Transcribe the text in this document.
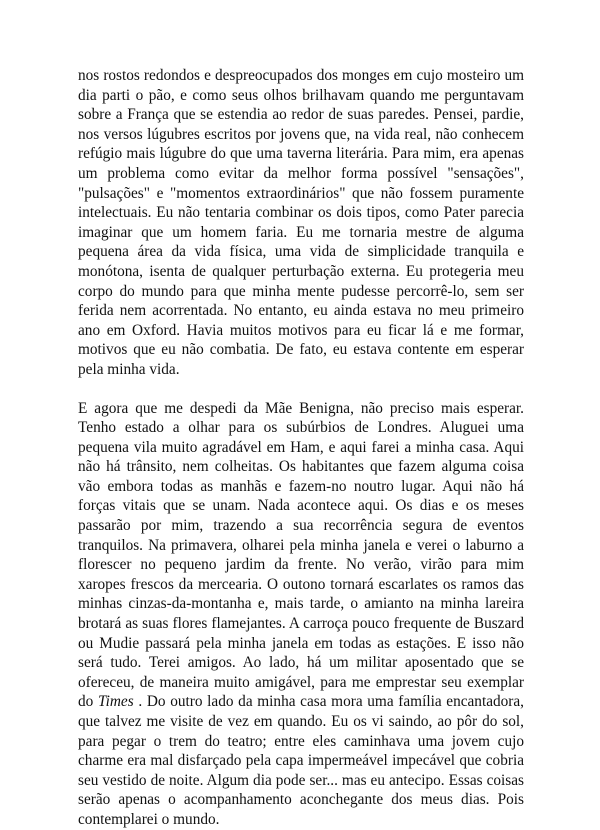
nos rostos redondos e despreocupados dos monges em cujo mosteiro um dia parti o pão, e como seus olhos brilhavam quando me perguntavam sobre a França que se estendia ao redor de suas paredes. Pensei, pardie, nos versos lúgubres escritos por jovens que, na vida real, não conhecem refúgio mais lúgubre do que uma taverna literária. Para mim, era apenas um problema como evitar da melhor forma possível "sensações", "pulsações" e "momentos extraordinários" que não fossem puramente intelectuais. Eu não tentaria combinar os dois tipos, como Pater parecia imaginar que um homem faria. Eu me tornaria mestre de alguma pequena área da vida física, uma vida de simplicidade tranquila e monótona, isenta de qualquer perturbação externa. Eu protegeria meu corpo do mundo para que minha mente pudesse percorrê-lo, sem ser ferida nem acorrentada. No entanto, eu ainda estava no meu primeiro ano em Oxford. Havia muitos motivos para eu ficar lá e me formar, motivos que eu não combatia. De fato, eu estava contente em esperar pela minha vida.

E agora que me despedi da Mãe Benigna, não preciso mais esperar. Tenho estado a olhar para os subúrbios de Londres. Aluguei uma pequena vila muito agradável em Ham, e aqui farei a minha casa. Aqui não há trânsito, nem colheitas. Os habitantes que fazem alguma coisa vão embora todas as manhãs e fazem-no noutro lugar. Aqui não há forças vitais que se unam. Nada acontece aqui. Os dias e os meses passarão por mim, trazendo a sua recorrência segura de eventos tranquilos. Na primavera, olharei pela minha janela e verei o laburno a florescer no pequeno jardim da frente. No verão, virão para mim xaropes frescos da mercearia. O outono tornará escarlates os ramos das minhas cinzas-da-montanha e, mais tarde, o amianto na minha lareira brotará as suas flores flamejantes. A carroça pouco frequente de Buszard ou Mudie passará pela minha janela em todas as estações. E isso não será tudo. Terei amigos. Ao lado, há um militar aposentado que se ofereceu, de maneira muito amigável, para me emprestar seu exemplar do Times . Do outro lado da minha casa mora uma família encantadora, que talvez me visite de vez em quando. Eu os vi saindo, ao pôr do sol, para pegar o trem do teatro; entre eles caminhava uma jovem cujo charme era mal disfarçado pela capa impermeável impecável que cobria seu vestido de noite. Algum dia pode ser... mas eu antecipo. Essas coisas serão apenas o acompanhamento aconchegante dos meus dias. Pois contemplarei o mundo.
